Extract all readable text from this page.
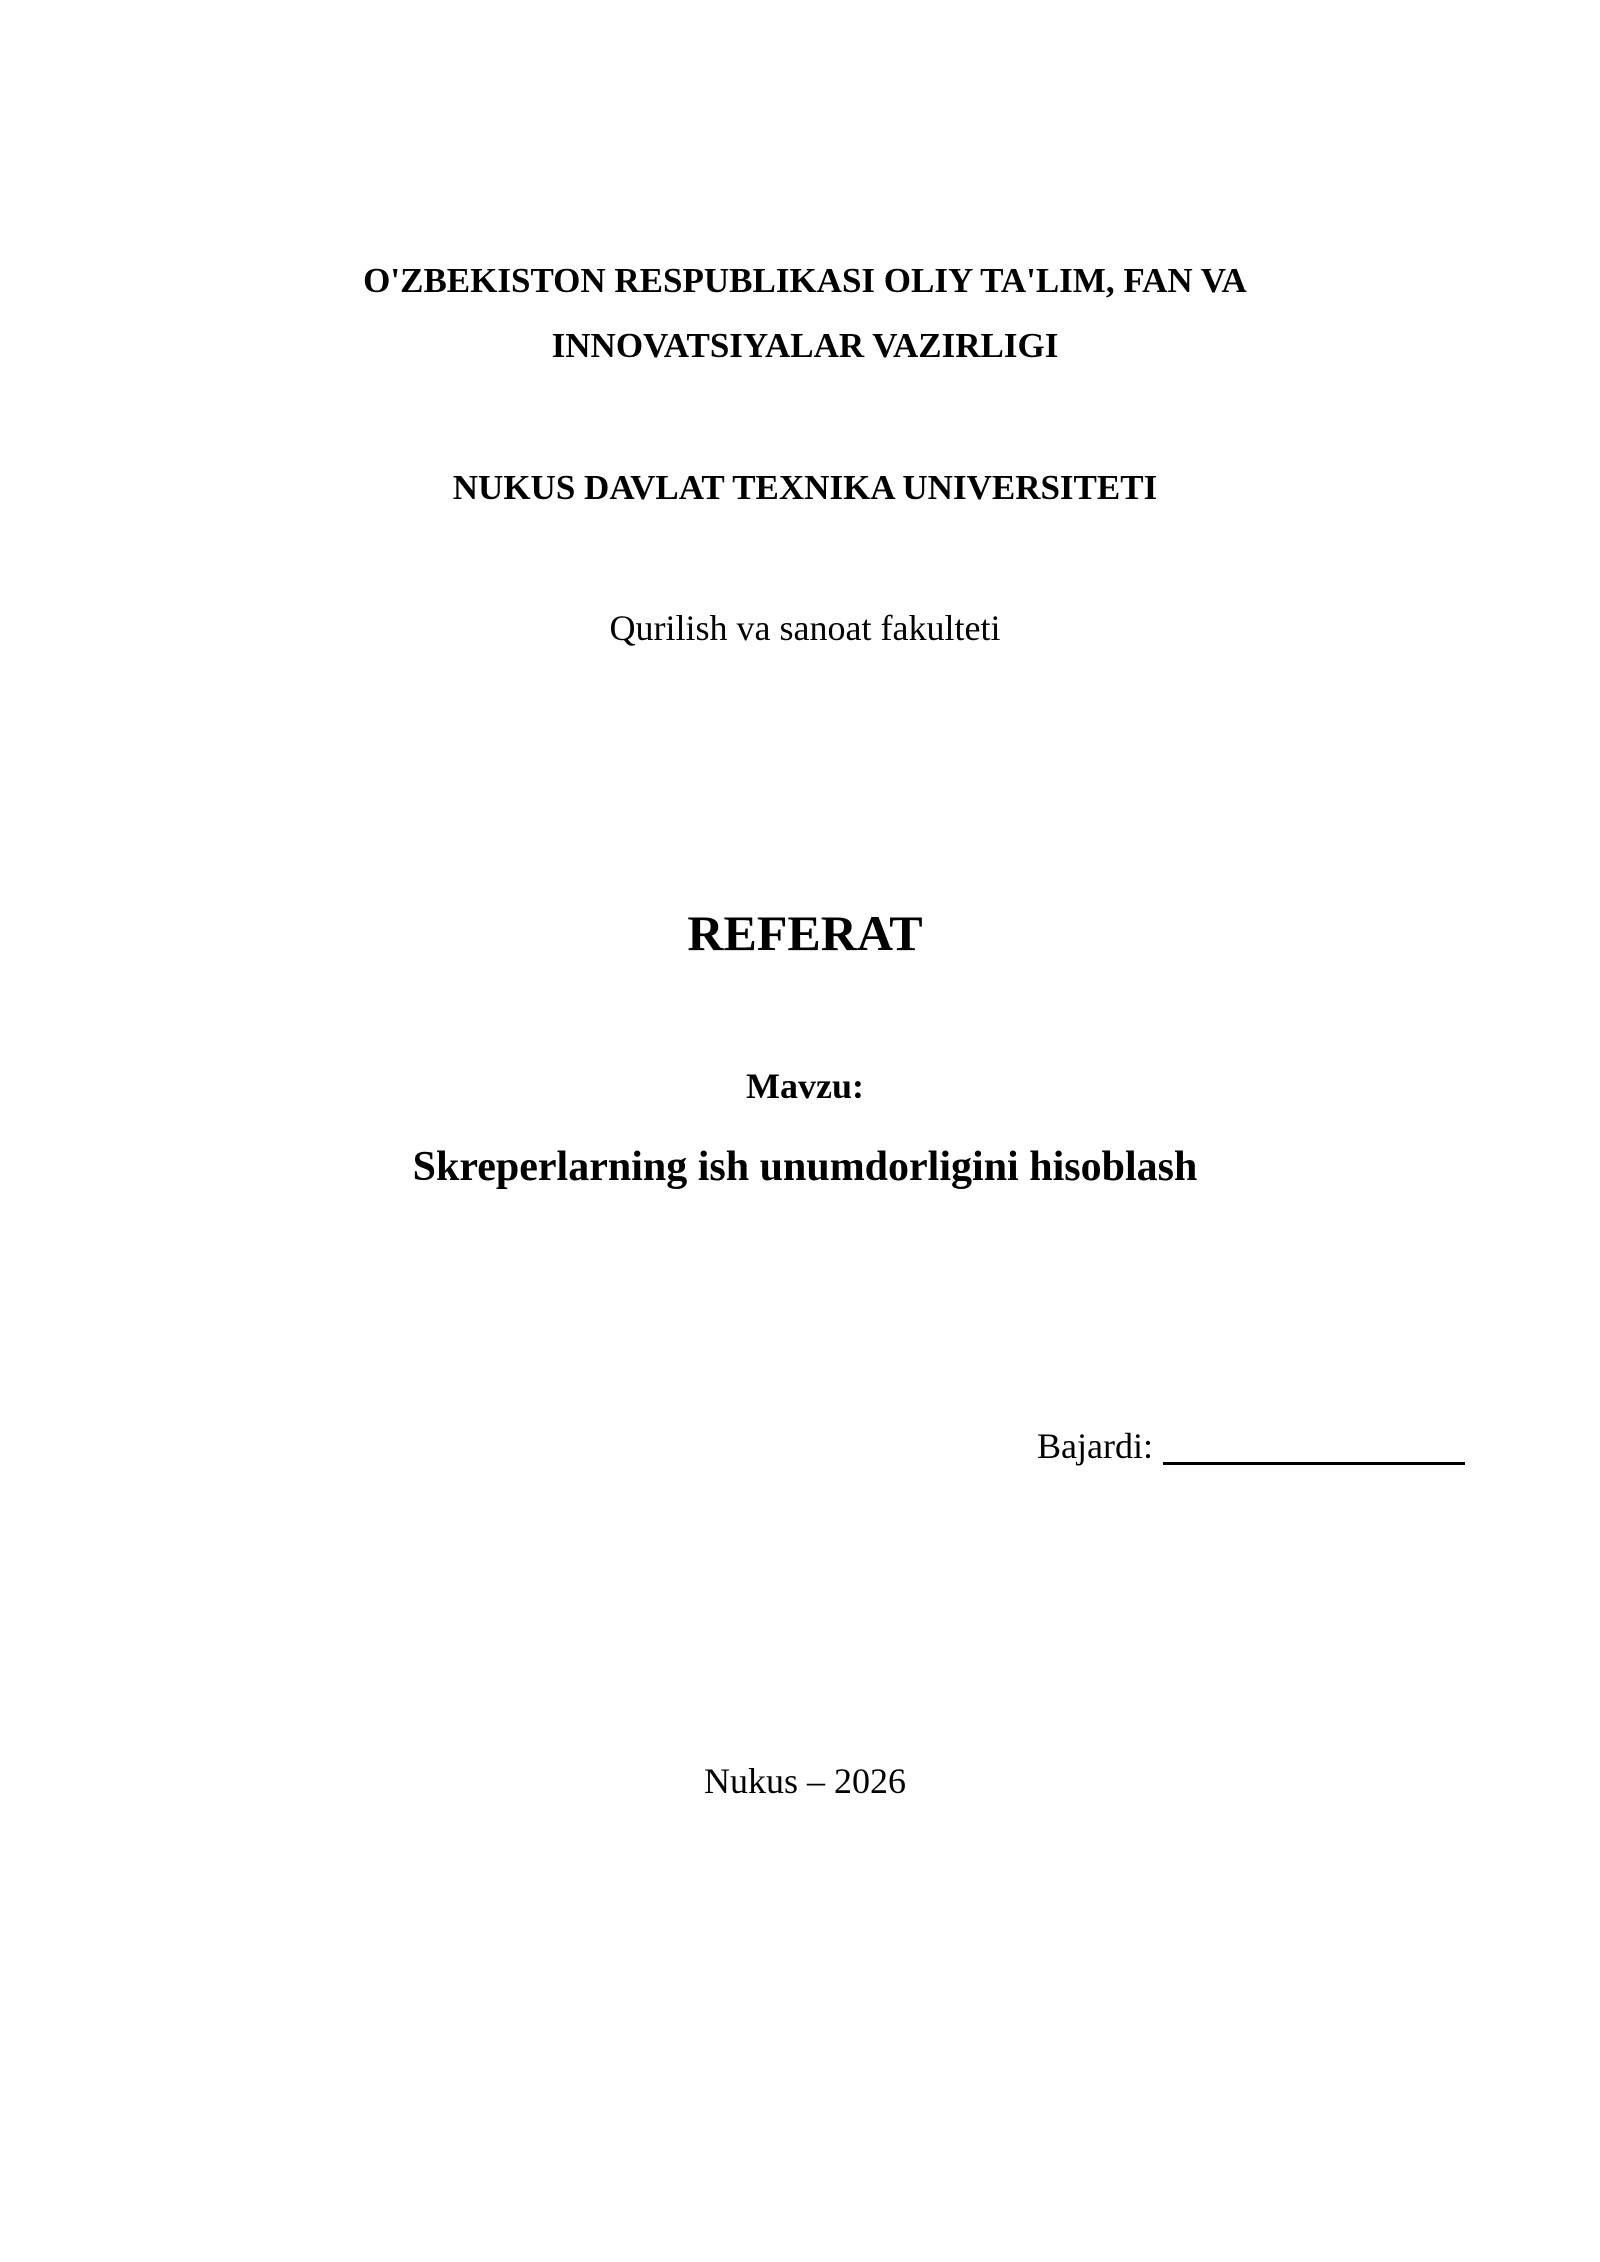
O'ZBEKISTON RESPUBLIKASI OLIY TA'LIM, FAN VA
INNOVATSIYALAR VAZIRLIGI
NUKUS DAVLAT TEXNIKA UNIVERSITETI
Qurilish va sanoat fakulteti
REFERAT
Mavzu:
Skreperlarning ish unumdorligini hisoblash
Bajardi:
Nukus – 2026
